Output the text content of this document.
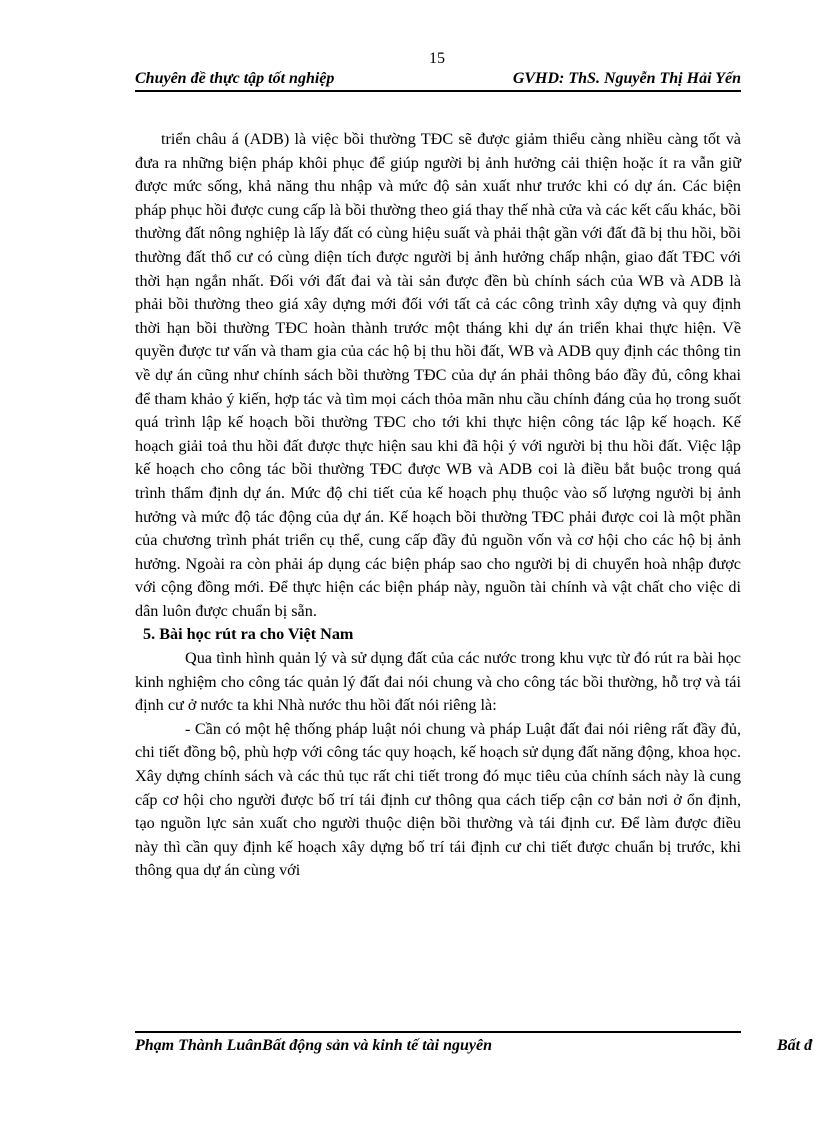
15
Chuyên đề thực tập tốt nghiệp	GVHD: ThS. Nguyễn Thị Hải Yến

triển châu á (ADB) là việc bồi thường TĐC sẽ được giảm thiểu càng nhiều càng tốt và đưa ra những biện pháp khôi phục để giúp người bị ảnh hưởng cải thiện hoặc ít ra vẫn giữ được mức sống, khả năng thu nhập và mức độ sản xuất như trước khi có dự án. Các biện pháp phục hồi được cung cấp là bồi thường theo giá thay thế nhà cửa và các kết cấu khác, bồi thường đất nông nghiệp là lấy đất có cùng hiệu suất và phải thật gần với đất đã bị thu hồi, bồi thường đất thổ cư có cùng diện tích được người bị ảnh hưởng chấp nhận, giao đất TĐC với thời hạn ngắn nhất. Đối với đất đai và tài sản được đền bù chính sách của WB và ADB là phải bồi thường theo giá xây dựng mới đối với tất cả các công trình xây dựng và quy định thời hạn bồi thường TĐC hoàn thành trước một tháng khi dự án triển khai thực hiện. Về quyền được tư vấn và tham gia của các hộ bị thu hồi đất, WB và ADB quy định các thông tin về dự án cũng như chính sách bồi thường TĐC của dự án phải thông báo đầy đủ, công khai để tham khảo ý kiến, hợp tác và tìm mọi cách thỏa mãn nhu cầu chính đáng của họ trong suốt quá trình lập kế hoạch bồi thường TĐC cho tới khi thực hiện công tác lập kế hoạch. Kế hoạch giải toả thu hồi đất được thực hiện sau khi đã hội ý với người bị thu hồi đất. Việc lập kế hoạch cho công tác bồi thường TĐC được WB và ADB coi là điều bắt buộc trong quá trình thẩm định dự án. Mức độ chi tiết của kế hoạch phụ thuộc vào số lượng người bị ảnh hưởng và mức độ tác động của dự án. Kế hoạch bồi thường TĐC phải được coi là một phần của chương trình phát triển cụ thể, cung cấp đầy đủ nguồn vốn và cơ hội cho các hộ bị ảnh hưởng. Ngoài ra còn phải áp dụng các biện pháp sao cho người bị di chuyển hoà nhập được với cộng đồng mới. Để thực hiện các biện pháp này, nguồn tài chính và vật chất cho việc di dân luôn được chuẩn bị sẵn.

5. Bài học rút ra cho Việt Nam

Qua tình hình quản lý và sử dụng đất của các nước trong khu vực từ đó rút ra bài học kinh nghiệm cho công tác quản lý đất đai nói chung và cho công tác bồi thường, hỗ trợ và tái định cư ở nước ta khi Nhà nước thu hồi đất nói riêng là:

- Cần có một hệ thống pháp luật nói chung và pháp Luật đất đai nói riêng rất đầy đủ, chi tiết đồng bộ, phù hợp với công tác quy hoạch, kế hoạch sử dụng đất năng động, khoa học. Xây dựng chính sách và các thủ tục rất chi tiết trong đó mục tiêu của chính sách này là cung cấp cơ hội cho người được bố trí tái định cư thông qua cách tiếp cận cơ bản nơi ở ổn định, tạo nguồn lực sản xuất cho người thuộc diện bồi thường và tái định cư. Để làm được điều này thì cần quy định kế hoạch xây dựng bố trí tái định cư chi tiết được chuẩn bị trước, khi thông qua dự án cùng với

Phạm Thành LuânBất động sản và kinh tế tài nguyên	Bất đ
